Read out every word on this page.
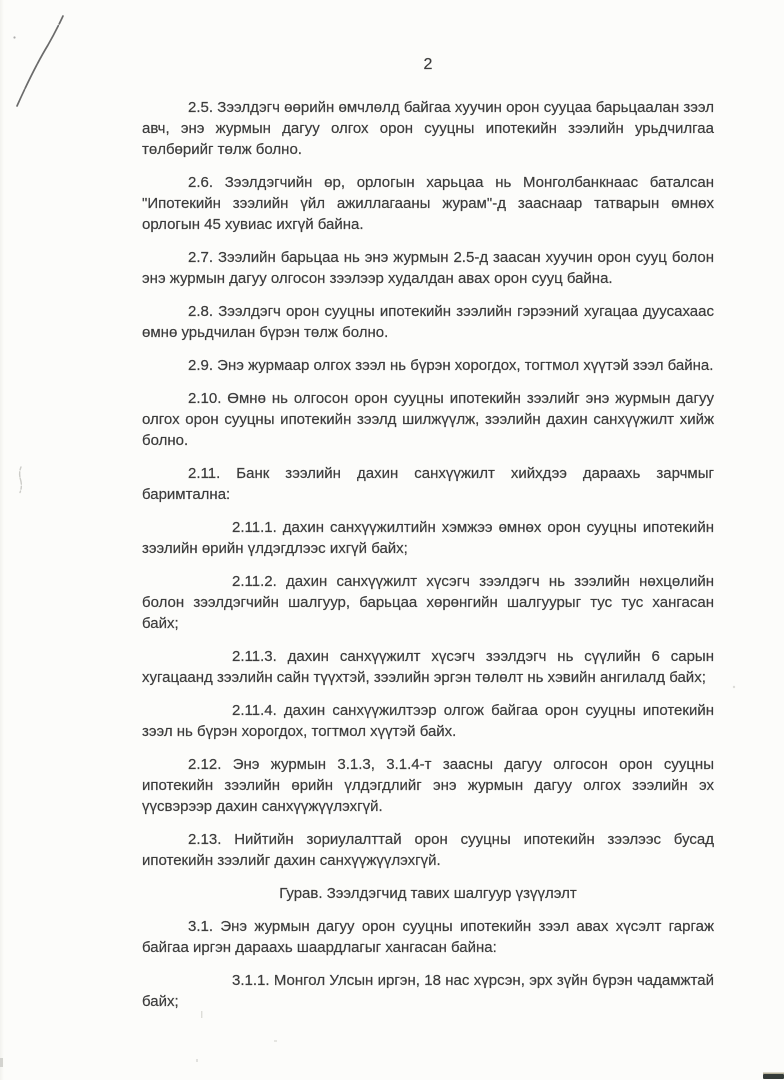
2

2.5. Зээлдэгч өөрийн өмчлөлд байгаа хуучин орон сууцаа барьцаалан зээл авч, энэ журмын дагуу олгох орон сууцны ипотекийн зээлийн урьдчилгаа төлбөрийг төлж болно.

2.6. Зээлдэгчийн өр, орлогын харьцаа нь Монголбанкнаас баталсан "Ипотекийн зээлийн үйл ажиллагааны журам"-д зааснаар татварын өмнөх орлогын 45 хувиас ихгүй байна.

2.7. Зээлийн барьцаа нь энэ журмын 2.5-д заасан хуучин орон сууц болон энэ журмын дагуу олгосон зээлээр худалдан авах орон сууц байна.

2.8. Зээлдэгч орон сууцны ипотекийн зээлийн гэрээний хугацаа дуусахаас өмнө урьдчилан бүрэн төлж болно.

2.9. Энэ журмаар олгох зээл нь бүрэн хорогдох, тогтмол хүүтэй зээл байна.

2.10. Өмнө нь олгосон орон сууцны ипотекийн зээлийг энэ журмын дагуу олгох орон сууцны ипотекийн зээлд шилжүүлж, зээлийн дахин санхүүжилт хийж болно.

2.11. Банк зээлийн дахин санхүүжилт хийхдээ дараахь зарчмыг баримтална:

2.11.1. дахин санхүүжилтийн хэмжээ өмнөх орон сууцны ипотекийн зээлийн өрийн үлдэгдлээс ихгүй байх;

2.11.2. дахин санхүүжилт хүсэгч зээлдэгч нь зээлийн нөхцөлийн болон зээлдэгчийн шалгуур, барьцаа хөрөнгийн шалгуурыг тус тус хангасан байх;

2.11.3. дахин санхүүжилт хүсэгч зээлдэгч нь сүүлийн 6 сарын хугацаанд зээлийн сайн түүхтэй, зээлийн эргэн төлөлт нь хэвийн ангилалд байх;

2.11.4. дахин санхүүжилтээр олгож байгаа орон сууцны ипотекийн зээл нь бүрэн хорогдох, тогтмол хүүтэй байх.

2.12. Энэ журмын 3.1.3, 3.1.4-т заасны дагуу олгосон орон сууцны ипотекийн зээлийн өрийн үлдэгдлийг энэ журмын дагуу олгох зээлийн эх үүсвэрээр дахин санхүүжүүлэхгүй.

2.13. Нийтийн зориулалттай орон сууцны ипотекийн зээлээс бусад ипотекийн зээлийг дахин санхүүжүүлэхгүй.

Гурав. Зээлдэгчид тавих шалгуур үзүүлэлт

3.1. Энэ журмын дагуу орон сууцны ипотекийн зээл авах хүсэлт гаргаж байгаа иргэн дараахь шаардлагыг хангасан байна:

3.1.1. Монгол Улсын иргэн, 18 нас хүрсэн, эрх зүйн бүрэн чадамжтай байх;
